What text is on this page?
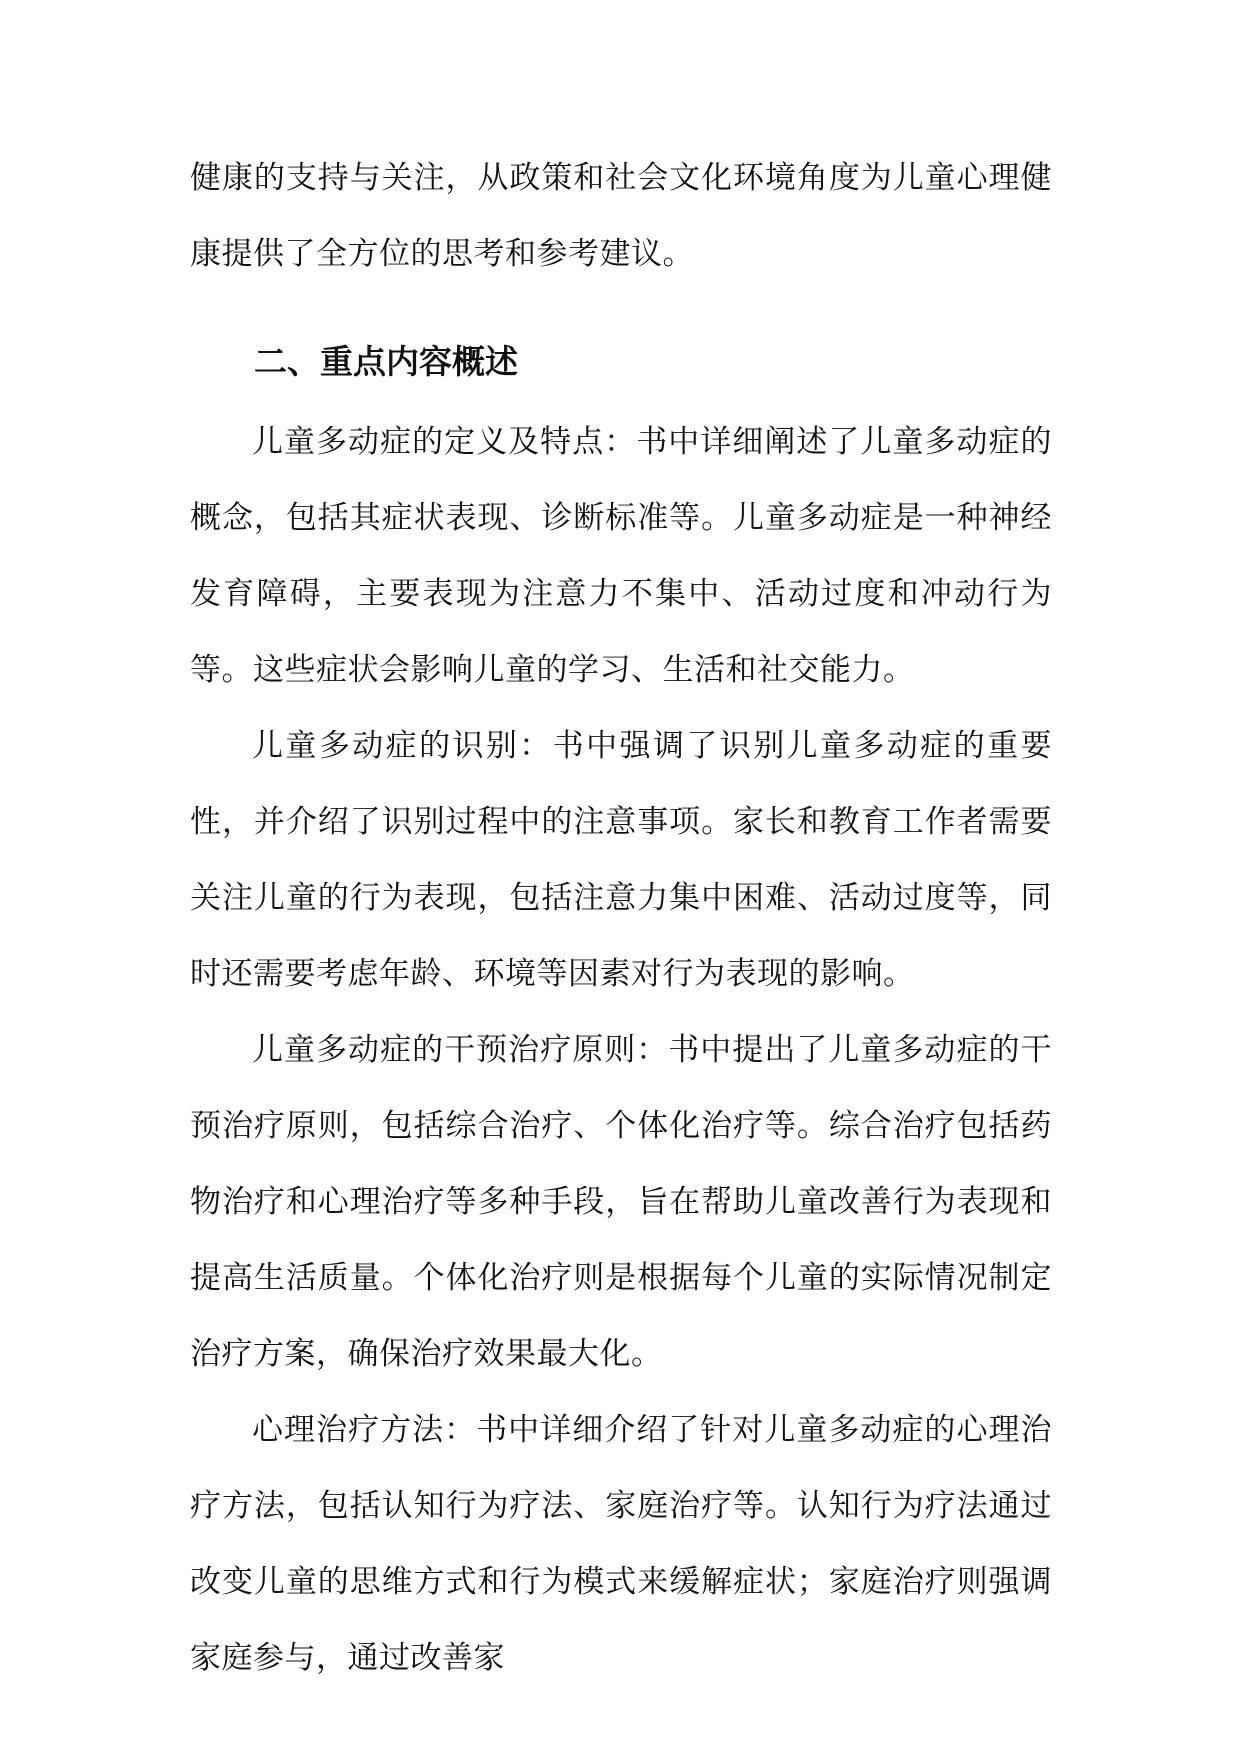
健康的支持与关注，从政策和社会文化环境角度为儿童心理健康提供了全方位的思考和参考建议。

二、重点内容概述

儿童多动症的定义及特点：书中详细阐述了儿童多动症的概念，包括其症状表现、诊断标准等。儿童多动症是一种神经发育障碍，主要表现为注意力不集中、活动过度和冲动行为等。这些症状会影响儿童的学习、生活和社交能力。

儿童多动症的识别：书中强调了识别儿童多动症的重要性，并介绍了识别过程中的注意事项。家长和教育工作者需要关注儿童的行为表现，包括注意力集中困难、活动过度等，同时还需要考虑年龄、环境等因素对行为表现的影响。

儿童多动症的干预治疗原则：书中提出了儿童多动症的干预治疗原则，包括综合治疗、个体化治疗等。综合治疗包括药物治疗和心理治疗等多种手段，旨在帮助儿童改善行为表现和提高生活质量。个体化治疗则是根据每个儿童的实际情况制定治疗方案，确保治疗效果最大化。

心理治疗方法：书中详细介绍了针对儿童多动症的心理治疗方法，包括认知行为疗法、家庭治疗等。认知行为疗法通过改变儿童的思维方式和行为模式来缓解症状；家庭治疗则强调家庭参与，通过改善家
